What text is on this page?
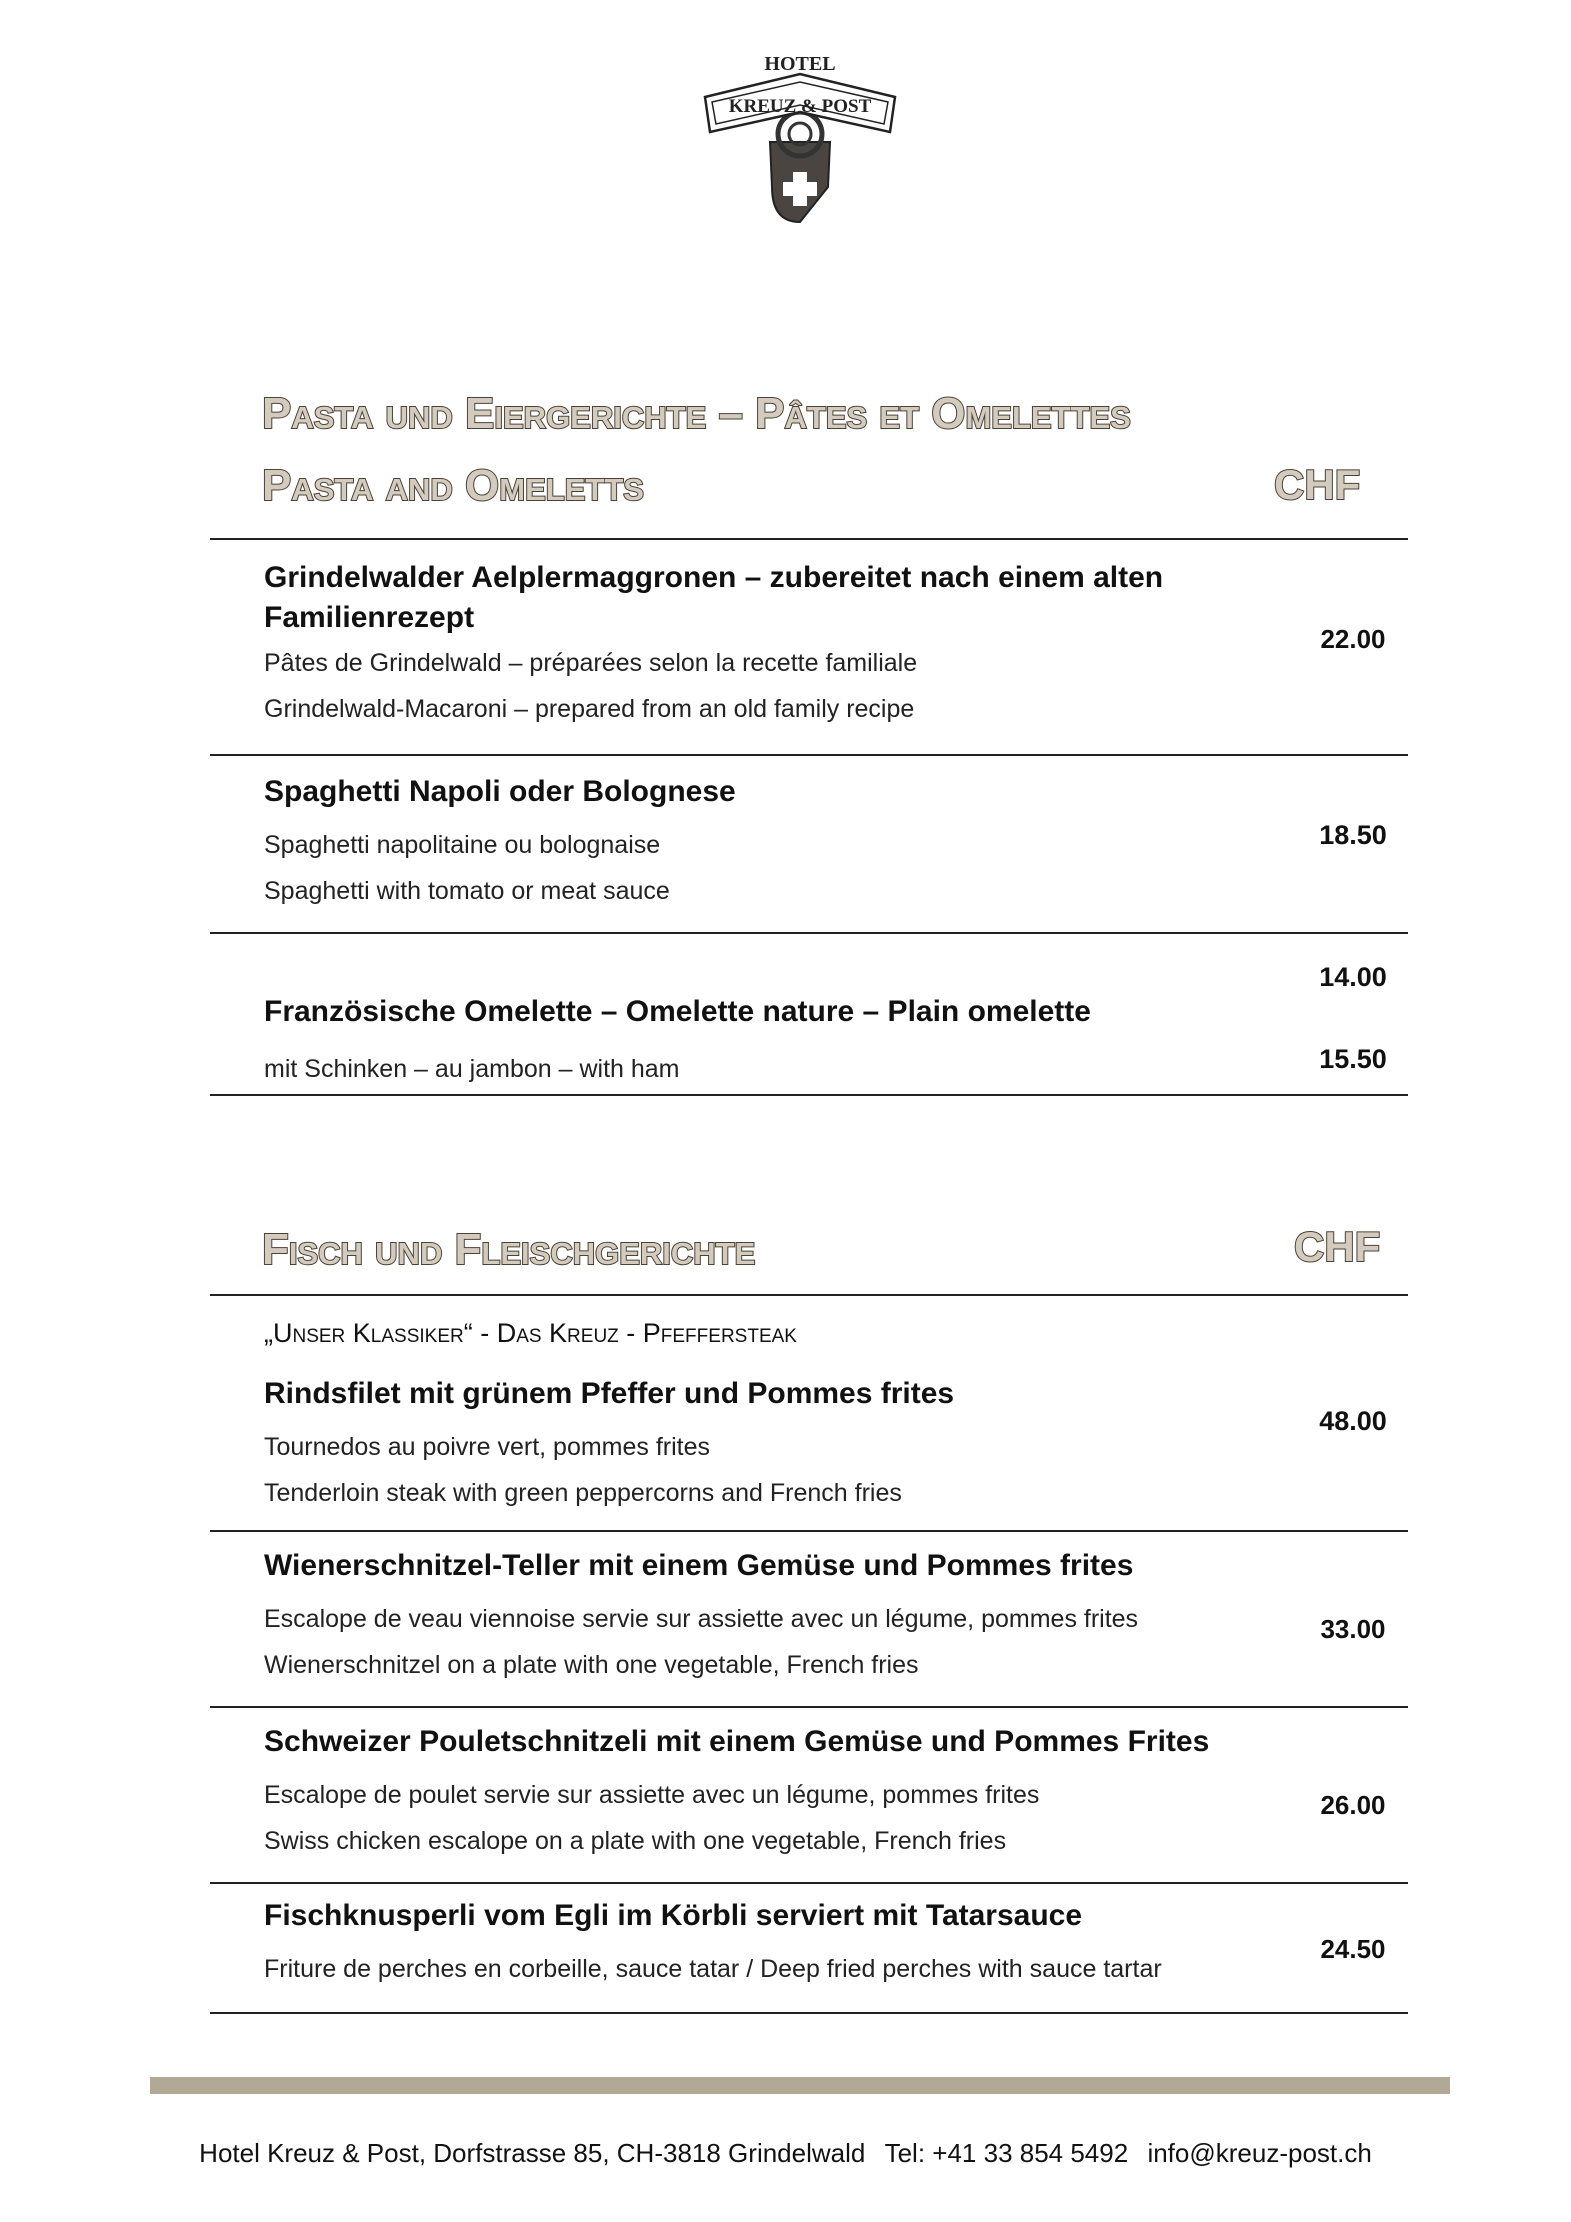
HOTEL
KREUZ & POST
Pasta und Eiergerichte – Pâtes et Omelettes
Pasta and Omeletts	CHF
Grindelwalder Aelplermaggronen – zubereitet nach einem alten Familienrezept
Pâtes de Grindelwald – préparées selon la recette familiale
Grindelwald-Macaroni – prepared from an old family recipe
22.00
Spaghetti Napoli oder Bolognese
Spaghetti napolitaine ou bolognaise
Spaghetti with tomato or meat sauce
18.50
14.00
Französische Omelette – Omelette nature – Plain omelette
mit Schinken – au jambon – with ham	15.50
Fisch und Fleischgerichte	CHF
„Unser Klassiker“ - Das Kreuz - Pfeffersteak
Rindsfilet mit grünem Pfeffer und Pommes frites
Tournedos au poivre vert, pommes frites
Tenderloin steak with green peppercorns and French fries
48.00
Wienerschnitzel-Teller mit einem Gemüse und Pommes frites
Escalope de veau viennoise servie sur assiette avec un légume, pommes frites
Wienerschnitzel on a plate with one vegetable, French fries
33.00
Schweizer Pouletschnitzeli mit einem Gemüse und Pommes Frites
Escalope de poulet servie sur assiette avec un légume, pommes frites
Swiss chicken escalope on a plate with one vegetable, French fries
26.00
Fischknusperli vom Egli im Körbli serviert mit Tatarsauce
Friture de perches en corbeille, sauce tatar / Deep fried perches with sauce tartar
24.50
Hotel Kreuz & Post, Dorfstrasse 85, CH-3818 Grindelwald Tel: +41 33 854 5492 info@kreuz-post.ch
